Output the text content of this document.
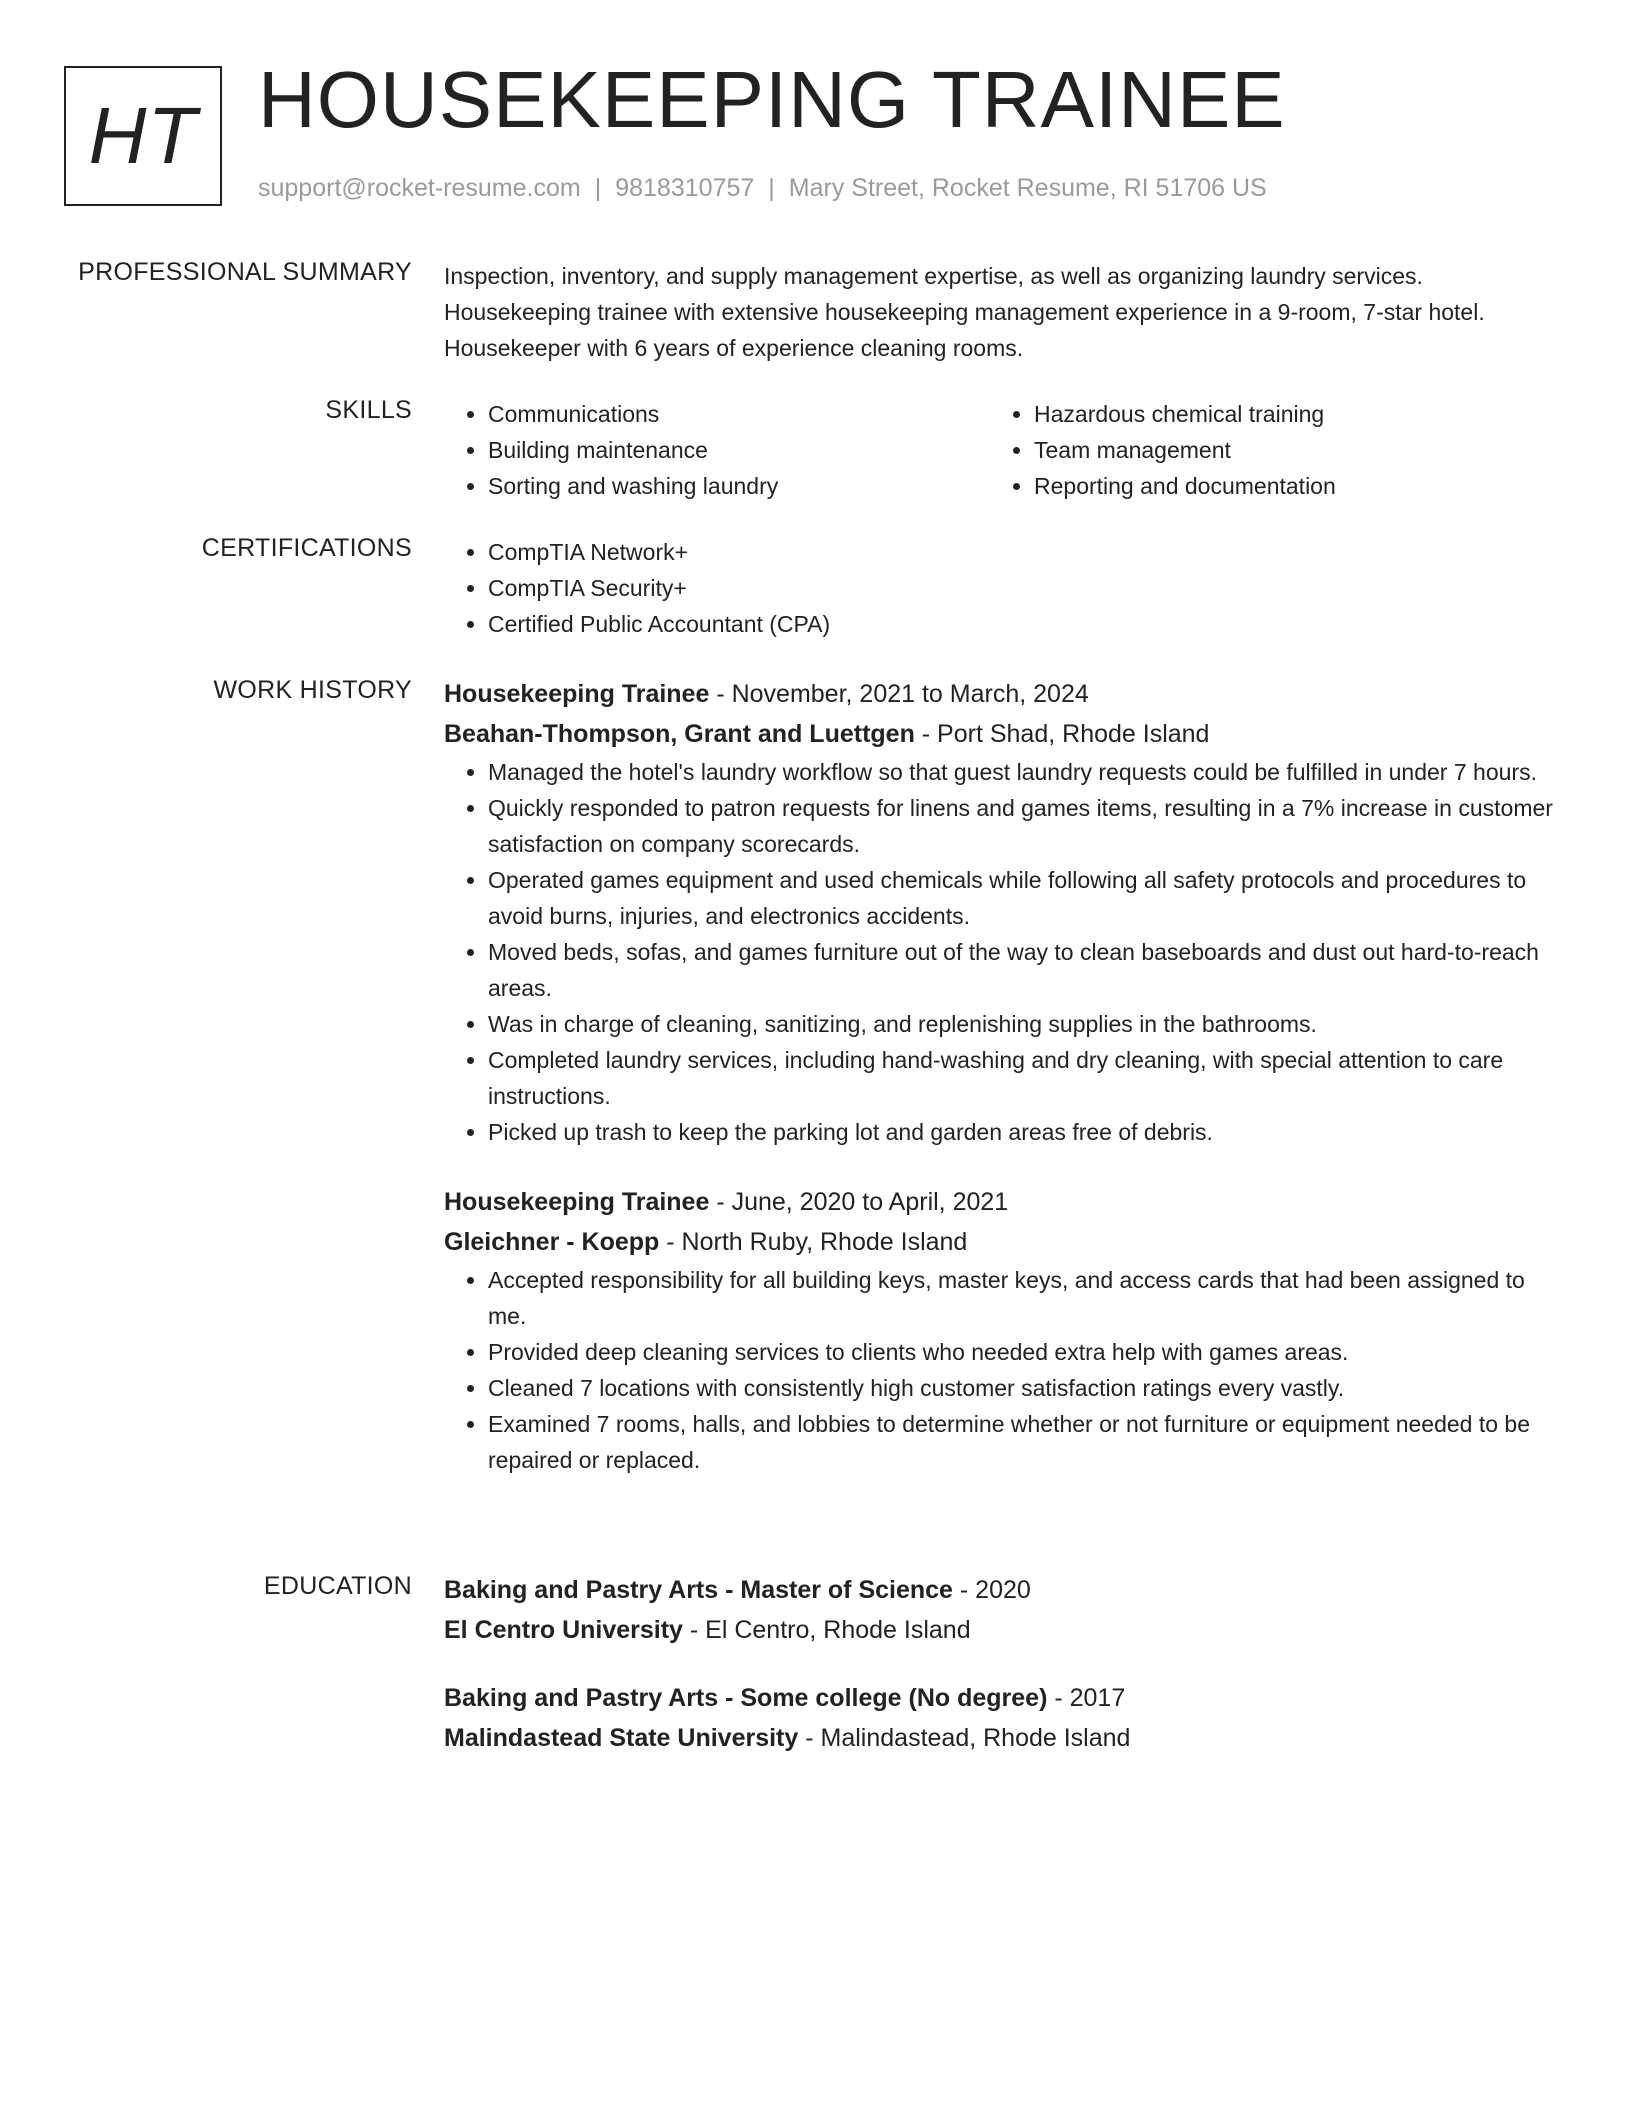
HT HOUSEKEEPING TRAINEE
support@rocket-resume.com | 9818310757 | Mary Street, Rocket Resume, RI 51706 US
PROFESSIONAL SUMMARY Inspection, inventory, and supply management expertise, as well as organizing laundry services.
Housekeeping trainee with extensive housekeeping management experience in a 9-room, 7-star hotel.
Housekeeper with 6 years of experience cleaning rooms.

SKILLS	• Communications
• Building maintenance
• Sorting and washing laundry
• Hazardous chemical training
• Team management
• Reporting and documentation
CERTIFICATIONS	• CompTIA Network+
• CompTIA Security+
• Certified Public Accountant (CPA)
WORK HISTORY Housekeeping Trainee - November, 2021 to March, 2024
Beahan-Thompson, Grant and Luettgen - Port Shad, Rhode Island
• Managed the hotel's laundry workflow so that guest laundry requests could be fulfilled in under 7 hours.
• Quickly responded to patron requests for linens and games items, resulting in a 7% increase in customer satisfaction on company scorecards.
• Operated games equipment and used chemicals while following all safety protocols and procedures to avoid burns, injuries, and electronics accidents.
• Moved beds, sofas, and games furniture out of the way to clean baseboards and dust out hard-to-reach areas.
• Was in charge of cleaning, sanitizing, and replenishing supplies in the bathrooms.
• Completed laundry services, including hand-washing and dry cleaning, with special attention to care instructions.
• Picked up trash to keep the parking lot and garden areas free of debris.
Housekeeping Trainee - June, 2020 to April, 2021
Gleichner - Koepp - North Ruby, Rhode Island
• Accepted responsibility for all building keys, master keys, and access cards that had been assigned to me.
• Provided deep cleaning services to clients who needed extra help with games areas.
• Cleaned 7 locations with consistently high customer satisfaction ratings every vastly.
• Examined 7 rooms, halls, and lobbies to determine whether or not furniture or equipment needed to be repaired or replaced.
EDUCATION Baking and Pastry Arts - Master of Science - 2020
El Centro University - El Centro, Rhode Island
Baking and Pastry Arts - Some college (No degree) - 2017
Malindastead State University - Malindastead, Rhode Island
